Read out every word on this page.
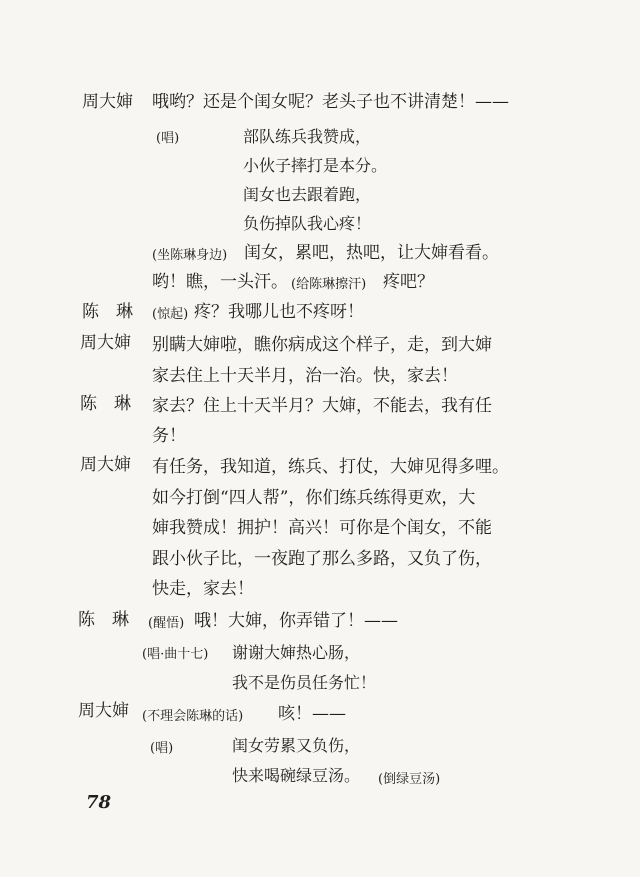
周大婶 哦哟？还是个闺女呢？老头子也不讲清楚！——
(唱)	部队练兵我赞成，
小伙子摔打是本分。
闺女也去跟着跑，
负伤掉队我心疼！
(坐陈琳身边) 闺女，累吧，热吧，让大婶看看。
哟！瞧，一头汗。 (给陈琳擦汗) 疼吧？
陈　琳 (惊起) 疼？我哪儿也不疼呀！
周大婶 别瞒大婶啦，瞧你病成这个样子，走，到大婶
家去住上十天半月，治一治。快，家去！
陈　琳 家去？住上十天半月？大婶，不能去，我有任
务！
周大婶 有任务，我知道，练兵、打仗，大婶见得多哩。
如今打倒“四人帮”，你们练兵练得更欢，大
婶我赞成！拥护！高兴！可你是个闺女，不能
跟小伙子比，一夜跑了那么多路，又负了伤，
快走，家去！
陈　琳 (醒悟) 哦！大婶，你弄错了！——
(唱·曲十七) 谢谢大婶热心肠，
我不是伤员任务忙！
周大婶 (不理会陈琳的话) 咳！——
(唱)	闺女劳累又负伤，
快来喝碗绿豆汤。 (倒绿豆汤)
78
